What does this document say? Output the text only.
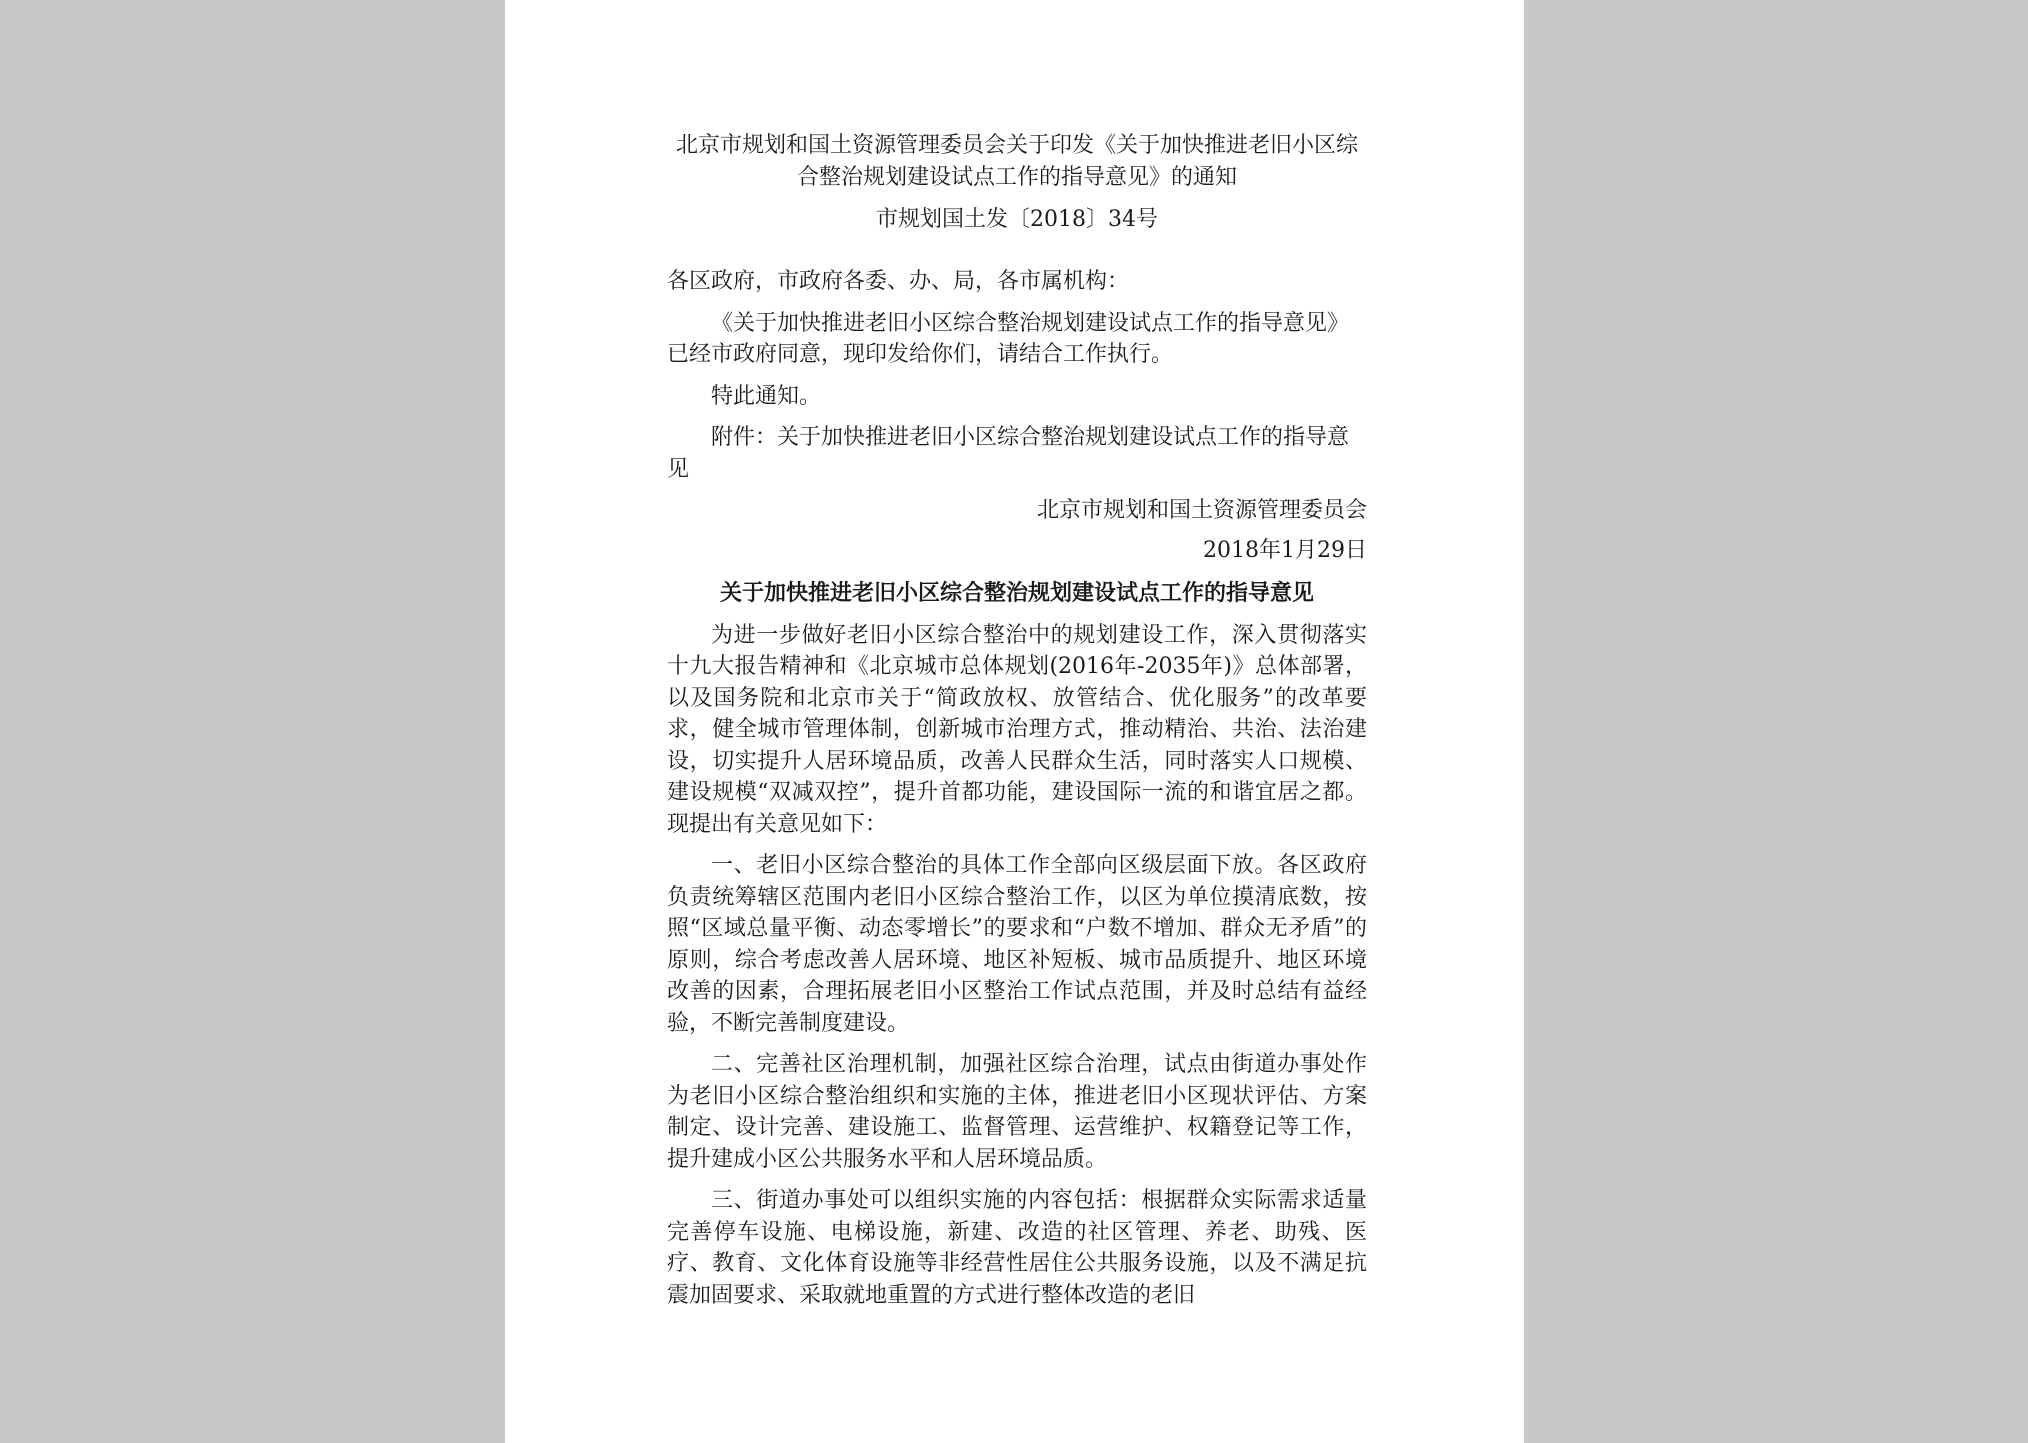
北京市规划和国土资源管理委员会关于印发《关于加快推进老旧小区综合整治规划建设试点工作的指导意见》的通知

市规划国土发〔2018〕34号

各区政府，市政府各委、办、局，各市属机构：

《关于加快推进老旧小区综合整治规划建设试点工作的指导意见》已经市政府同意，现印发给你们，请结合工作执行。

特此通知。

附件：关于加快推进老旧小区综合整治规划建设试点工作的指导意见

北京市规划和国土资源管理委员会

2018年1月29日

关于加快推进老旧小区综合整治规划建设试点工作的指导意见

为进一步做好老旧小区综合整治中的规划建设工作，深入贯彻落实十九大报告精神和《北京城市总体规划(2016年-2035年)》总体部署，以及国务院和北京市关于“简政放权、放管结合、优化服务”的改革要求，健全城市管理体制，创新城市治理方式，推动精治、共治、法治建设，切实提升人居环境品质，改善人民群众生活，同时落实人口规模、建设规模“双减双控”，提升首都功能，建设国际一流的和谐宜居之都。现提出有关意见如下：

一、老旧小区综合整治的具体工作全部向区级层面下放。各区政府负责统筹辖区范围内老旧小区综合整治工作，以区为单位摸清底数，按照“区域总量平衡、动态零增长”的要求和“户数不增加、群众无矛盾”的原则，综合考虑改善人居环境、地区补短板、城市品质提升、地区环境改善的因素，合理拓展老旧小区整治工作试点范围，并及时总结有益经验，不断完善制度建设。

二、完善社区治理机制，加强社区综合治理，试点由街道办事处作为老旧小区综合整治组织和实施的主体，推进老旧小区现状评估、方案制定、设计完善、建设施工、监督管理、运营维护、权籍登记等工作，提升建成小区公共服务水平和人居环境品质。

三、街道办事处可以组织实施的内容包括：根据群众实际需求适量完善停车设施、电梯设施，新建、改造的社区管理、养老、助残、医疗、教育、文化体育设施等非经营性居住公共服务设施，以及不满足抗震加固要求、采取就地重置的方式进行整体改造的老旧
